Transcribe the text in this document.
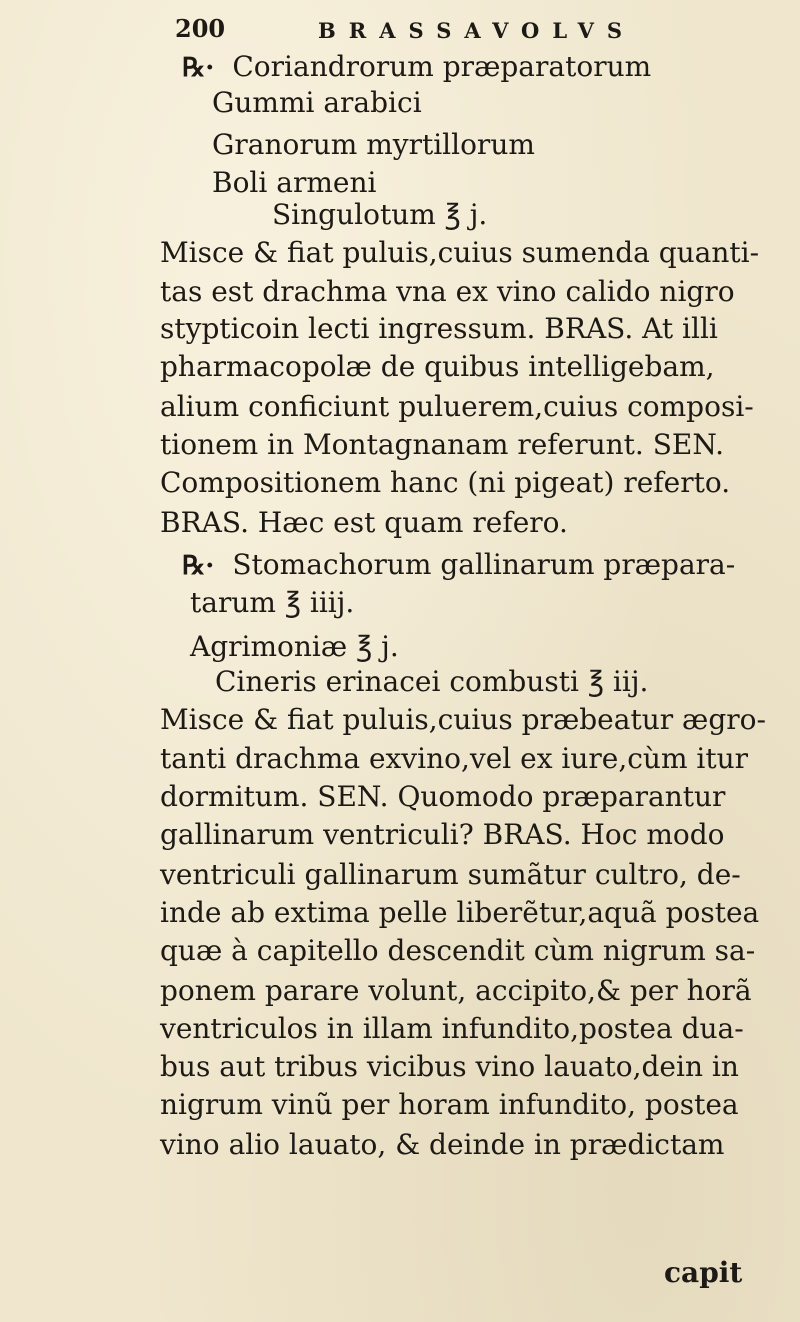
200	BRASSAVOLVS
℞· Coriandrorum præparatorum
Gummi arabici
Granorum myrtillorum
Boli armeni
Singulotum ℥ j.
Misce & fiat puluis,cuius sumenda quanti-
tas est drachma vna ex vino calido nigro
stypticoin lecti ingressum. BRAS. At illi
pharmacopolæ de quibus intelligebam,
alium conficiunt puluerem,cuius composi-
tionem in Montagnanam referunt. SEN.
Compositionem hanc (ni pigeat) referto.
BRAS. Hæc est quam refero.
℞· Stomachorum gallinarum præpara-
tarum ℥ iiij.
Agrimoniæ ℥ j.
Cineris erinacei combusti ℥ iij.
Misce & fiat puluis,cuius præbeatur ægro-
tanti drachma exvino,vel ex iure,cùm itur
dormitum. SEN. Quomodo præparantur
gallinarum ventriculi? BRAS. Hoc modo
ventriculi gallinarum sumãtur cultro, de-
inde ab extima pelle liberẽtur,aquã postea
quæ à capitello descendit cùm nigrum sa-
ponem parare volunt, accipito,& per horã
ventriculos in illam infundito,postea dua-
bus aut tribus vicibus vino lauato,dein in
nigrum vinũ per horam infundito, postea
vino alio lauato, & deinde in prædictam
capit
